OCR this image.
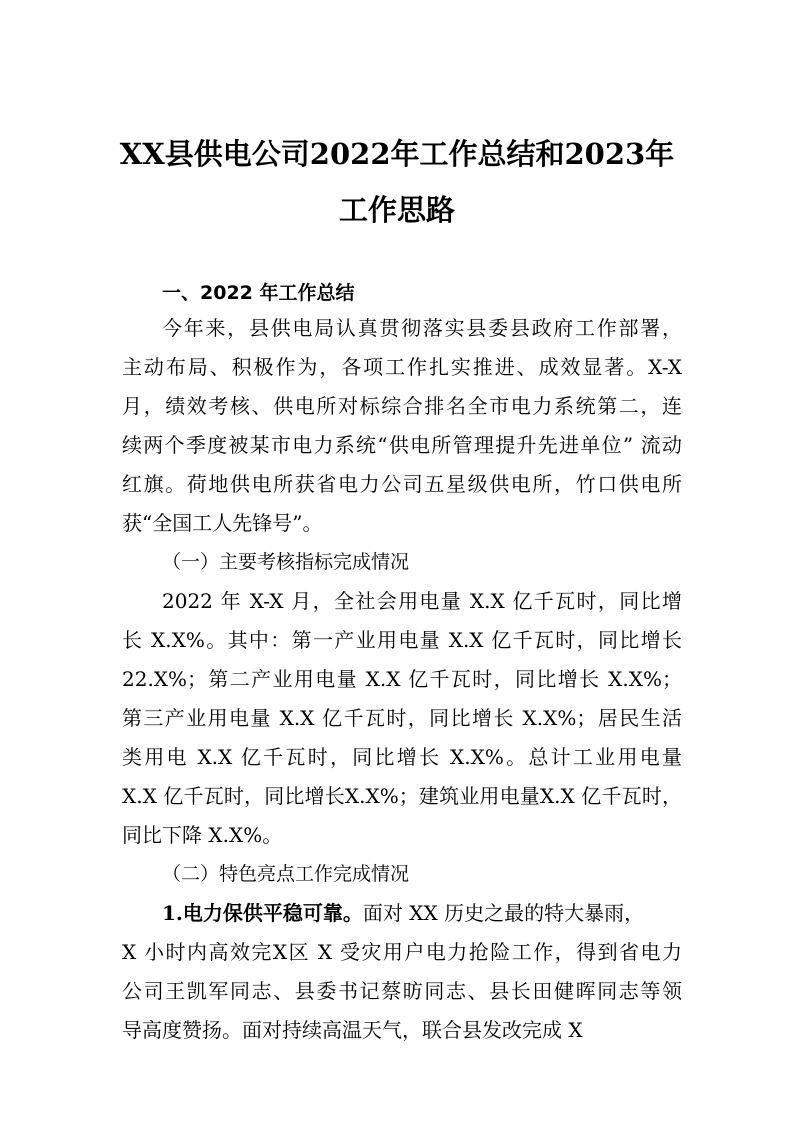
XX县供电公司2022年工作总结和2023年
工作思路
一、2022 年工作总结
今年来，县供电局认真贯彻落实县委县政府工作部署，
主动布局、积极作为，各项工作扎实推进、成效显著。X-X
月，绩效考核、供电所对标综合排名全市电力系统第二，连
续两个季度被某市电力系统“供电所管理提升先进单位” 流动
红旗。荷地供电所获省电力公司五星级供电所，竹口供电所
获“全国工人先锋号”。
（一）主要考核指标完成情况
2022 年 X-X 月，全社会用电量 X.X 亿千瓦时，同比增
长 X.X%。其中：第一产业用电量 X.X 亿千瓦时，同比增长
22.X%；第二产业用电量 X.X 亿千瓦时，同比增长 X.X%；
第三产业用电量 X.X 亿千瓦时，同比增长 X.X%；居民生活
类用电 X.X 亿千瓦时，同比增长 X.X%。总计工业用电量
X.X 亿千瓦时，同比增长X.X%；建筑业用电量X.X 亿千瓦时，
同比下降 X.X%。
（二）特色亮点工作完成情况
1.电力保供平稳可靠。面对 XX 历史之最的特大暴雨，
X 小时内高效完X区 X 受灾用户电力抢险工作，得到省电力
公司王凯军同志、县委书记蔡昉同志、县长田健晖同志等领
导高度赞扬。面对持续高温天气，联合县发改完成 X
